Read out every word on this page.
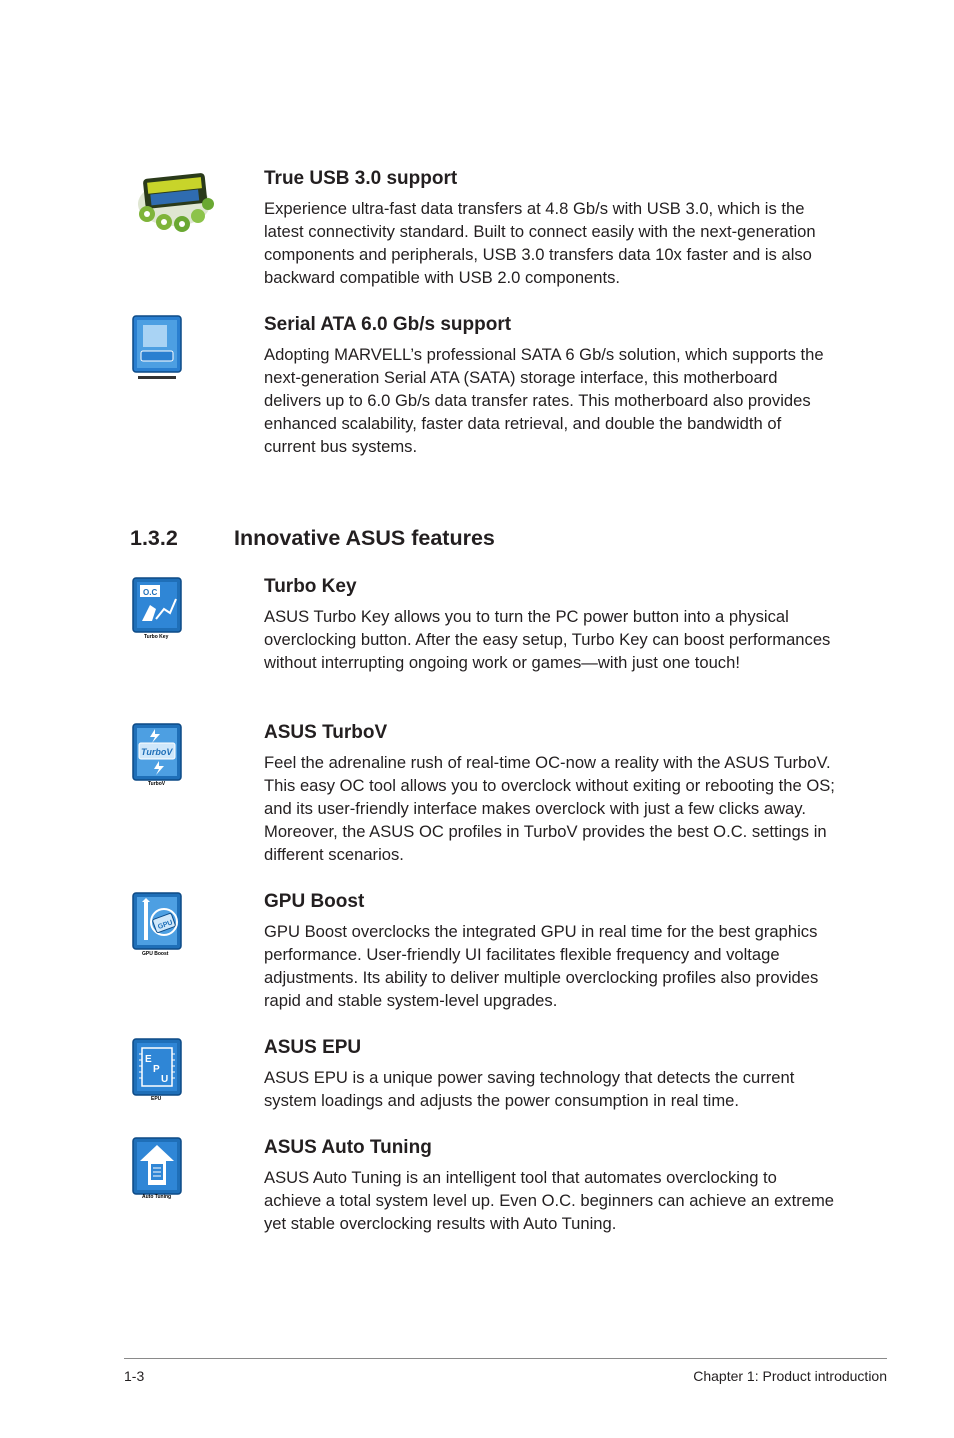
True USB 3.0 support

Experience ultra-fast data transfers at 4.8 Gb/s with USB 3.0, which is the latest connectivity standard. Built to connect easily with the next-generation components and peripherals, USB 3.0 transfers data 10x faster and is also backward compatible with USB 2.0 components.

Serial ATA 6.0 Gb/s support

Adopting MARVELL’s professional SATA 6 Gb/s solution, which supports the next-generation Serial ATA (SATA) storage interface, this motherboard delivers up to 6.0 Gb/s data transfer rates. This motherboard also provides enhanced scalability, faster data retrieval, and double the bandwidth of current bus systems.

1.3.2	Innovative ASUS features
O.C
Turbo Key
Turbo Key

ASUS Turbo Key allows you to turn the PC power button into a physical overclocking button. After the easy setup, Turbo Key can boost performances without interrupting ongoing work or games—with just one touch!

TurboV
TurboV
ASUS TurboV

Feel the adrenaline rush of real-time OC-now a reality with the ASUS TurboV. This easy OC tool allows you to overclock without exiting or rebooting the OS; and its user-friendly interface makes overclock with just a few clicks away. Moreover, the ASUS OC profiles in TurboV provides the best O.C. settings in different scenarios.

GPU
GPU Boost
GPU Boost

GPU Boost overclocks the integrated GPU in real time for the best graphics performance. User-friendly UI facilitates flexible frequency and voltage adjustments. Its ability to deliver multiple overclocking profiles also provides rapid and stable system-level upgrades.

E
P
U
EPU
ASUS EPU

ASUS EPU is a unique power saving technology that detects the current system loadings and adjusts the power consumption in real time.

Auto Tuning
ASUS Auto Tuning

ASUS Auto Tuning is an intelligent tool that automates overclocking to achieve a total system level up. Even O.C. beginners can achieve an extreme yet stable overclocking results with Auto Tuning.

1-3	Chapter 1: Product introduction
